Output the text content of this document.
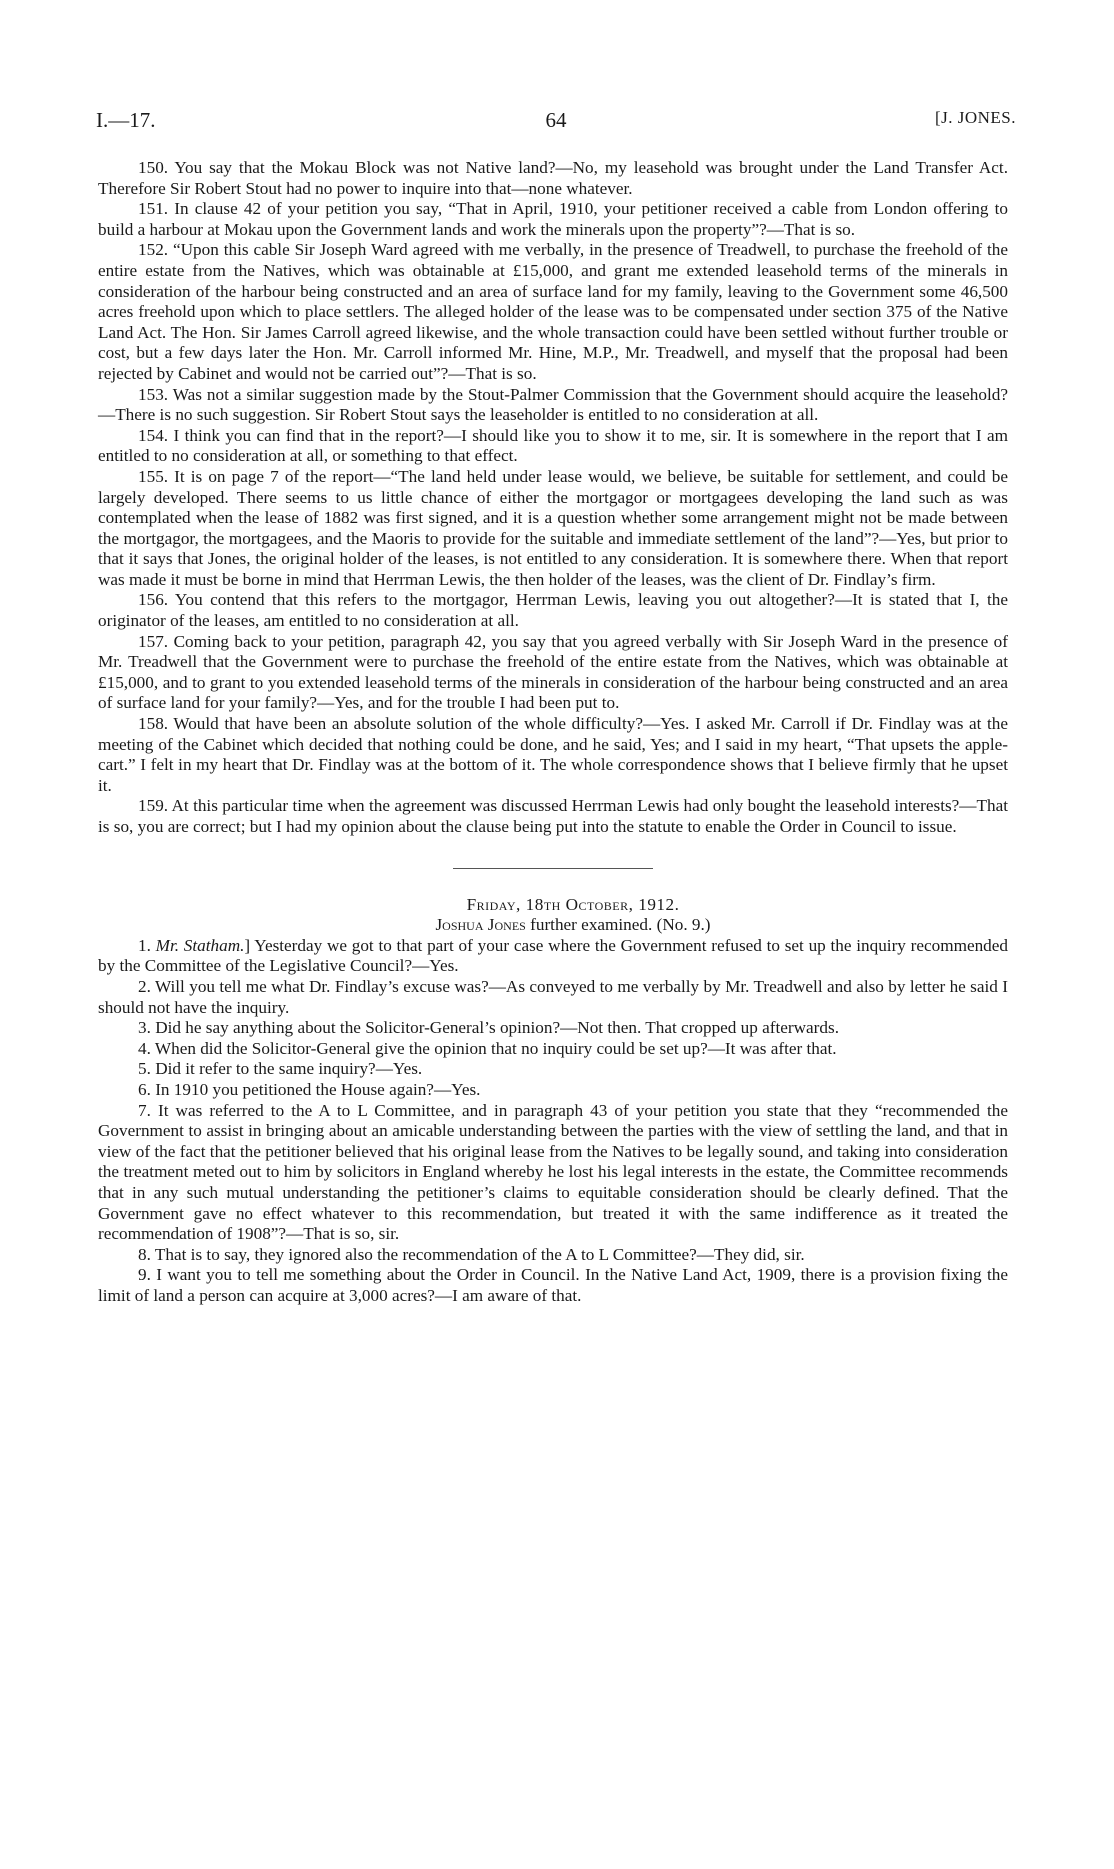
I.—17.	64	[J. JONES.

150. You say that the Mokau Block was not Native land?—No, my leasehold was brought under the Land Transfer Act. Therefore Sir Robert Stout had no power to inquire into that—none whatever.

151. In clause 42 of your petition you say, “That in April, 1910, your petitioner received a cable from London offering to build a harbour at Mokau upon the Government lands and work the minerals upon the property”?—That is so.

152. “Upon this cable Sir Joseph Ward agreed with me verbally, in the presence of Treadwell, to purchase the freehold of the entire estate from the Natives, which was obtainable at £15,000, and grant me extended leasehold terms of the minerals in consideration of the harbour being constructed and an area of surface land for my family, leaving to the Government some 46,500 acres freehold upon which to place settlers. The alleged holder of the lease was to be compensated under section 375 of the Native Land Act. The Hon. Sir James Carroll agreed likewise, and the whole transaction could have been settled without further trouble or cost, but a few days later the Hon. Mr. Carroll informed Mr. Hine, M.P., Mr. Treadwell, and myself that the proposal had been rejected by Cabinet and would not be carried out”?—That is so.

153. Was not a similar suggestion made by the Stout-Palmer Commission that the Government should acquire the leasehold?—There is no such suggestion. Sir Robert Stout says the leaseholder is entitled to no consideration at all.

154. I think you can find that in the report?—I should like you to show it to me, sir. It is somewhere in the report that I am entitled to no consideration at all, or something to that effect.

155. It is on page 7 of the report—“The land held under lease would, we believe, be suitable for settlement, and could be largely developed. There seems to us little chance of either the mortgagor or mortgagees developing the land such as was contemplated when the lease of 1882 was first signed, and it is a question whether some arrangement might not be made between the mortgagor, the mortgagees, and the Maoris to provide for the suitable and immediate settlement of the land”?—Yes, but prior to that it says that Jones, the original holder of the leases, is not entitled to any consideration. It is somewhere there. When that report was made it must be borne in mind that Herrman Lewis, the then holder of the leases, was the client of Dr. Findlay’s firm.

156. You contend that this refers to the mortgagor, Herrman Lewis, leaving you out altogether?—It is stated that I, the originator of the leases, am entitled to no consideration at all.

157. Coming back to your petition, paragraph 42, you say that you agreed verbally with Sir Joseph Ward in the presence of Mr. Treadwell that the Government were to purchase the freehold of the entire estate from the Natives, which was obtainable at £15,000, and to grant to you extended leasehold terms of the minerals in consideration of the harbour being constructed and an area of surface land for your family?—Yes, and for the trouble I had been put to.

158. Would that have been an absolute solution of the whole difficulty?—Yes. I asked Mr. Carroll if Dr. Findlay was at the meeting of the Cabinet which decided that nothing could be done, and he said, Yes; and I said in my heart, “That upsets the apple-cart.” I felt in my heart that Dr. Findlay was at the bottom of it. The whole correspondence shows that I believe firmly that he upset it.

159. At this particular time when the agreement was discussed Herrman Lewis had only bought the leasehold interests?—That is so, you are correct; but I had my opinion about the clause being put into the statute to enable the Order in Council to issue.

Friday, 18th October, 1912.

Joshua Jones further examined. (No. 9.)

1. Mr. Statham.] Yesterday we got to that part of your case where the Government refused to set up the inquiry recommended by the Committee of the Legislative Council?—Yes.

2. Will you tell me what Dr. Findlay’s excuse was?—As conveyed to me verbally by Mr. Treadwell and also by letter he said I should not have the inquiry.

3. Did he say anything about the Solicitor-General’s opinion?—Not then. That cropped up afterwards.

4. When did the Solicitor-General give the opinion that no inquiry could be set up?—It was after that.

5. Did it refer to the same inquiry?—Yes.

6. In 1910 you petitioned the House again?—Yes.

7. It was referred to the A to L Committee, and in paragraph 43 of your petition you state that they “recommended the Government to assist in bringing about an amicable understanding between the parties with the view of settling the land, and that in view of the fact that the petitioner believed that his original lease from the Natives to be legally sound, and taking into consideration the treatment meted out to him by solicitors in England whereby he lost his legal interests in the estate, the Committee recommends that in any such mutual understanding the petitioner’s claims to equitable consideration should be clearly defined. That the Government gave no effect whatever to this recommendation, but treated it with the same indifference as it treated the recommendation of 1908”?—That is so, sir.

8. That is to say, they ignored also the recommendation of the A to L Committee?—They did, sir.

9. I want you to tell me something about the Order in Council. In the Native Land Act, 1909, there is a provision fixing the limit of land a person can acquire at 3,000 acres?—I am aware of that.
